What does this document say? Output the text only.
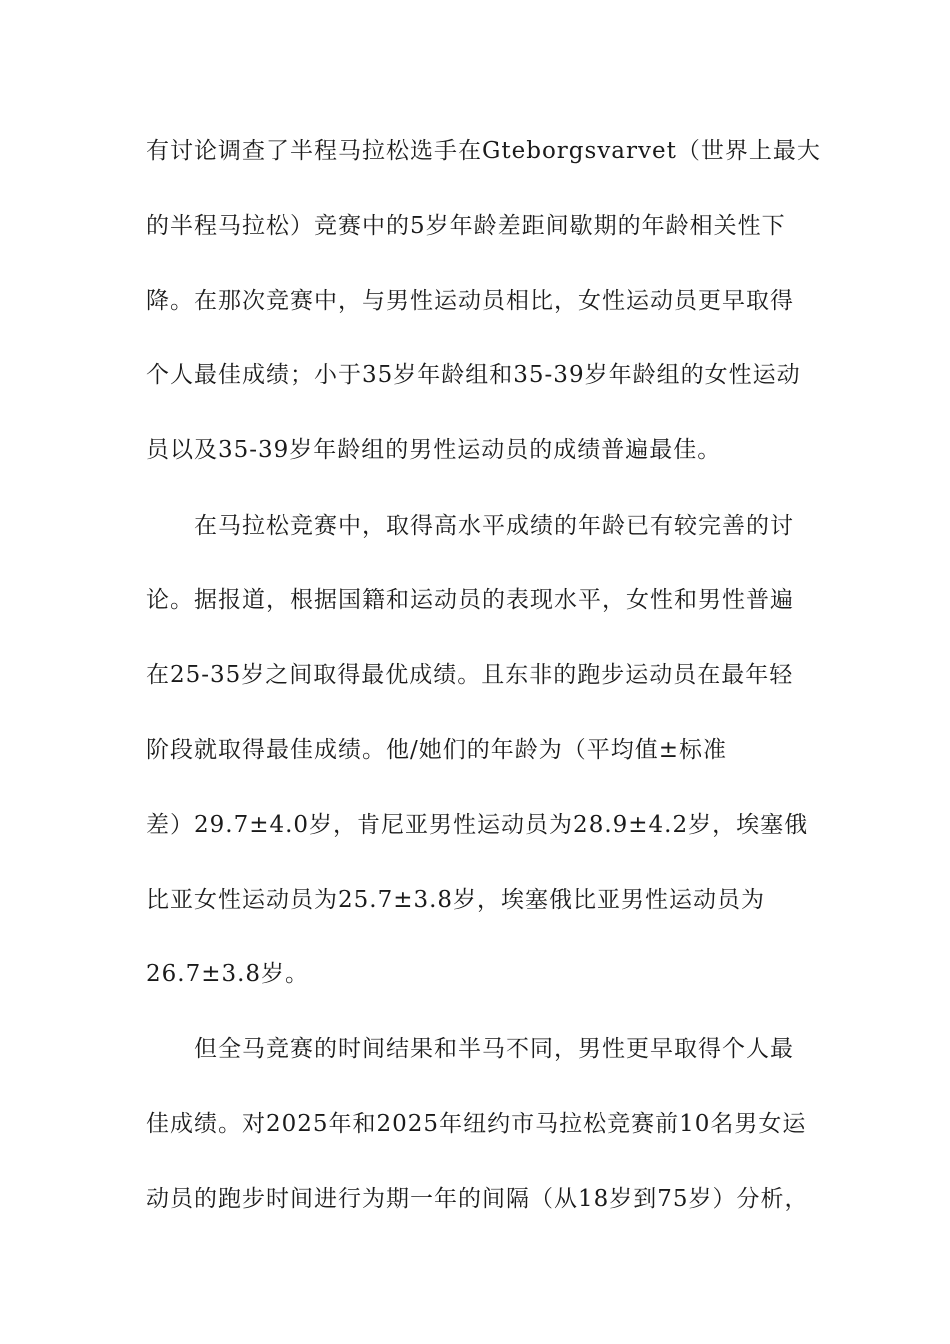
有讨论调查了半程马拉松选手在Gteborgsvarvet（世界上最大
的半程马拉松）竞赛中的5岁年龄差距间歇期的年龄相关性下
降。在那次竞赛中，与男性运动员相比，女性运动员更早取得
个人最佳成绩；小于35岁年龄组和35-39岁年龄组的女性运动
员以及35-39岁年龄组的男性运动员的成绩普遍最佳。
在马拉松竞赛中，取得高水平成绩的年龄已有较完善的讨
论。据报道，根据国籍和运动员的表现水平，女性和男性普遍
在25-35岁之间取得最优成绩。且东非的跑步运动员在最年轻
阶段就取得最佳成绩。他/她们的年龄为（平均值±标准
差）29.7±4.0岁，肯尼亚男性运动员为28.9±4.2岁，埃塞俄
比亚女性运动员为25.7±3.8岁，埃塞俄比亚男性运动员为
26.7±3.8岁。
但全马竞赛的时间结果和半马不同，男性更早取得个人最
佳成绩。对2025年和2025年纽约市马拉松竞赛前10名男女运
动员的跑步时间进行为期一年的间隔（从18岁到75岁）分析，
